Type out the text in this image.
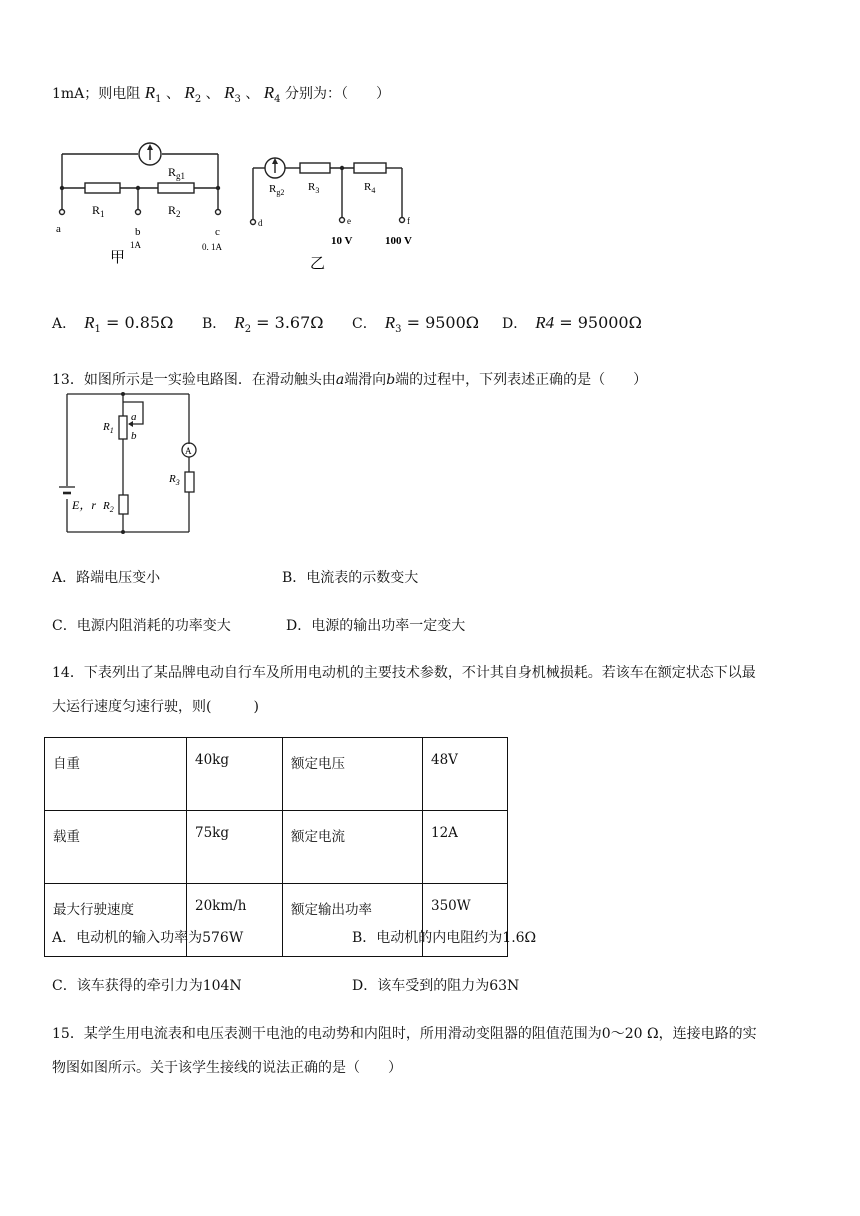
1mA；则电阻 $R_1$ 、 $R_2$ 、 $R_3$ 、 $R_4$ 分别为：（　　）
$R_{g1}$
$R_1$	$R_2$
a	b	c
1A	0. 1A
甲
$R_{g2}$ $R_3$	$R_4$
d	e	f
10 V	100 V
乙
A． $R_1 = 0.85\Omega$ B． $R_2 = 3.67\Omega$ C． $R_3 = 9500\Omega$ D． R4 = 95000Ω
13．如图所示是一实验电路图．在滑动触头由a端滑向b端的过程中，下列表述正确的是（　　）
A
$R_1$
a
b
$R_2$
$R_3$
E，r
A．路端电压变小	B．电流表的示数变大
C．电源内阻消耗的功率变大	D．电源的输出功率一定变大
14．下表列出了某品牌电动自行车及所用电动机的主要技术参数，不计其自身机械损耗。若该车在额定状态下以最
大运行速度匀速行驶，则(　　　)
自重	40kg	额定电压	48V
载重	75kg	额定电流	12A
最大行驶速度	20km/h	额定输出功率	350W
A．电动机的输入功率为576W	B．电动机的内电阻约为1.6Ω
C．该车获得的牵引力为104N	D．该车受到的阻力为63N
15．某学生用电流表和电压表测干电池的电动势和内阻时，所用滑动变阻器的阻值范围为0～20 Ω，连接电路的实
物图如图所示。关于该学生接线的说法正确的是（　　）
